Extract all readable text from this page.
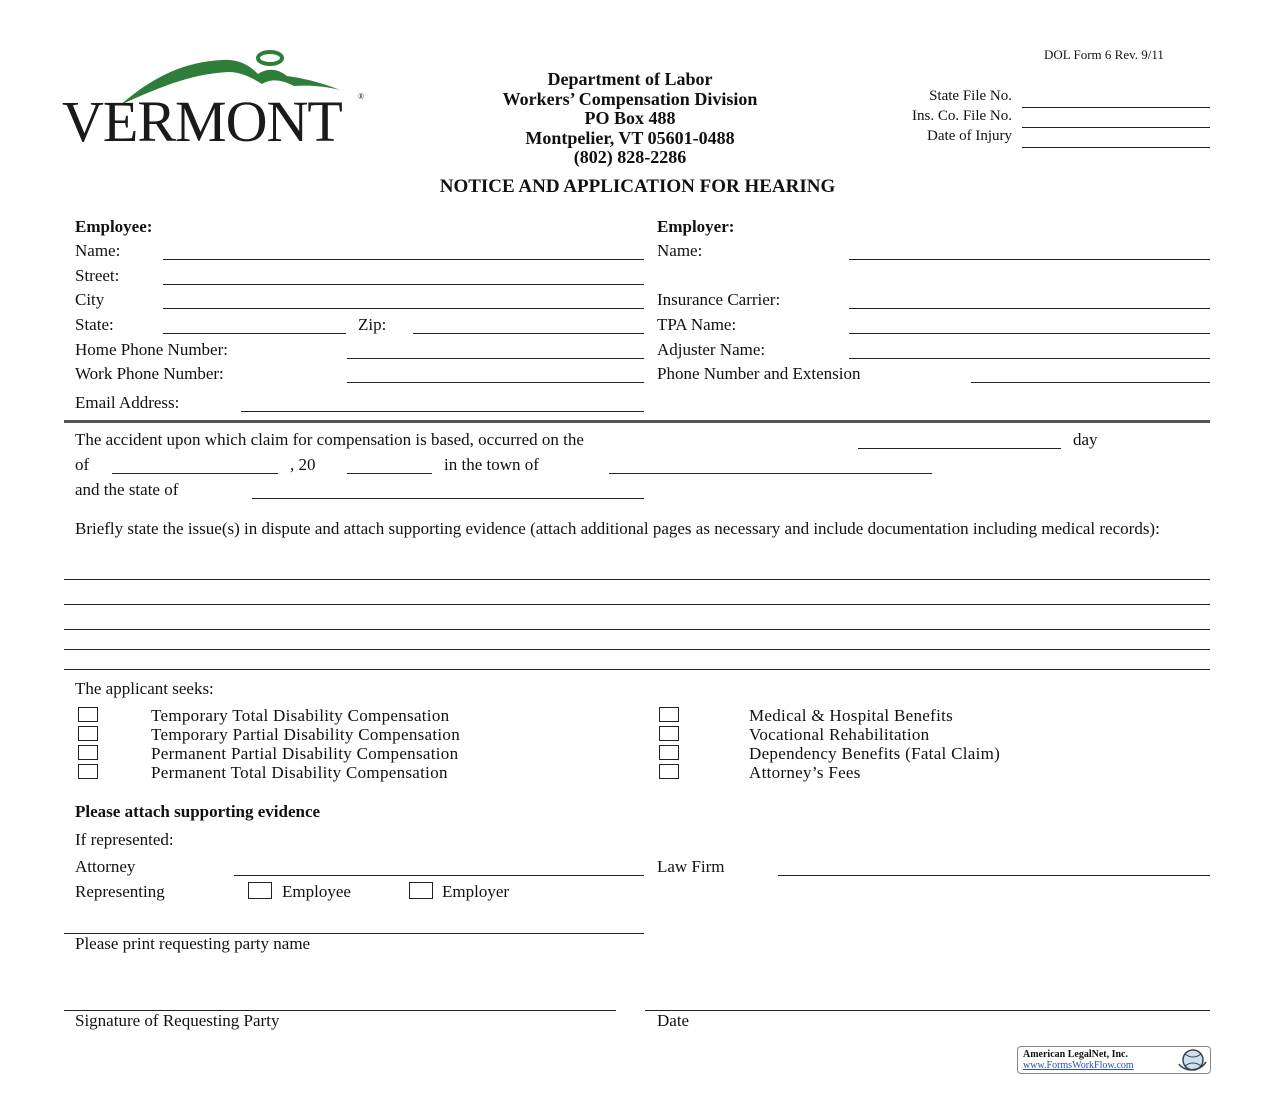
DOL Form 6 Rev. 9/11
VERMONT ®
Department of Labor
Workers’ Compensation Division
PO Box 488
Montpelier, VT 05601-0488
(802) 828-2286
State File No.
Ins. Co. File No.
Date of Injury
NOTICE AND APPLICATION FOR HEARING
Employee:
Name:
Street:
City
State:	Zip:
Home Phone Number:
Work Phone Number:
Email Address:
Employer:
Name:
Insurance Carrier:
TPA Name:
Adjuster Name:
Phone Number and Extension
The accident upon which claim for compensation is based, occurred on the	day
of	, 20	in the town of
and the state of
Briefly state the issue(s) in dispute and attach supporting evidence (attach additional pages as necessary and include documentation including medical records):
The applicant seeks:
Temporary Total Disability Compensation
Temporary Partial Disability Compensation
Permanent Partial Disability Compensation
Permanent Total Disability Compensation
Medical & Hospital Benefits
Vocational Rehabilitation
Dependency Benefits (Fatal Claim)
Attorney’s Fees
Please attach supporting evidence
If represented:
Attorney	Law Firm
Representing	Employee	Employer
Please print requesting party name
Signature of Requesting Party	Date
American LegalNet, Inc.
www.FormsWorkFlow.com
